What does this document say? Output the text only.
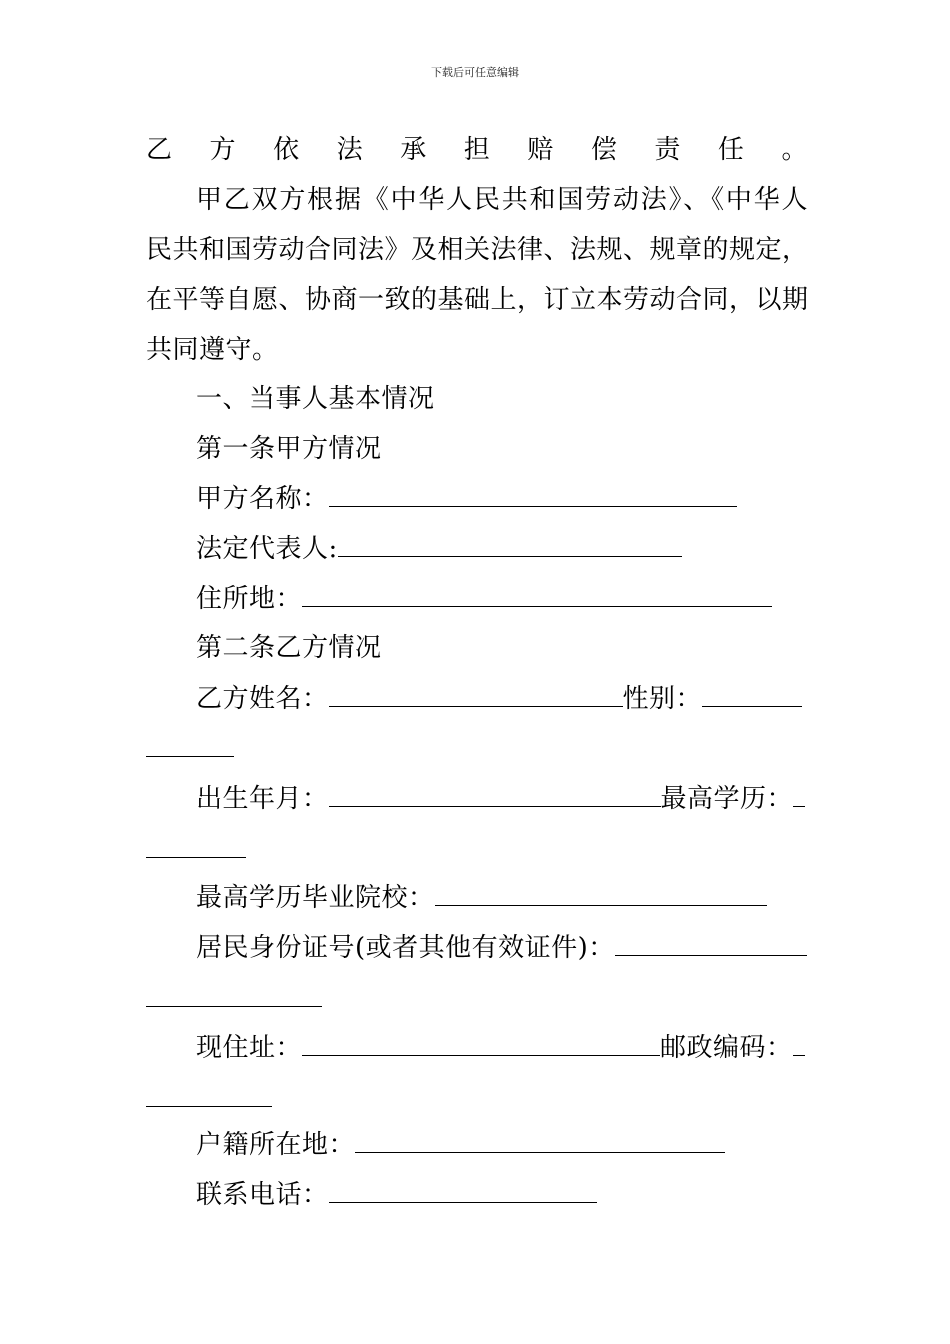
下载后可任意编辑
乙方依法承担赔偿责任。
甲乙双方根据《中华人民共和国劳动法》、《中华人
民共和国劳动合同法》及相关法律、法规、规章的规定，
在平等自愿、协商一致的基础上，订立本劳动合同，以期
共同遵守。
一、当事人基本情况
第一条甲方情况
甲方名称：
法定代表人:
住所地：
第二条乙方情况
乙方姓名：	性别：
出生年月：	最高学历：
最高学历毕业院校：
居民身份证号(或者其他有效证件)：
现住址：	邮政编码：
户籍所在地：
联系电话：
